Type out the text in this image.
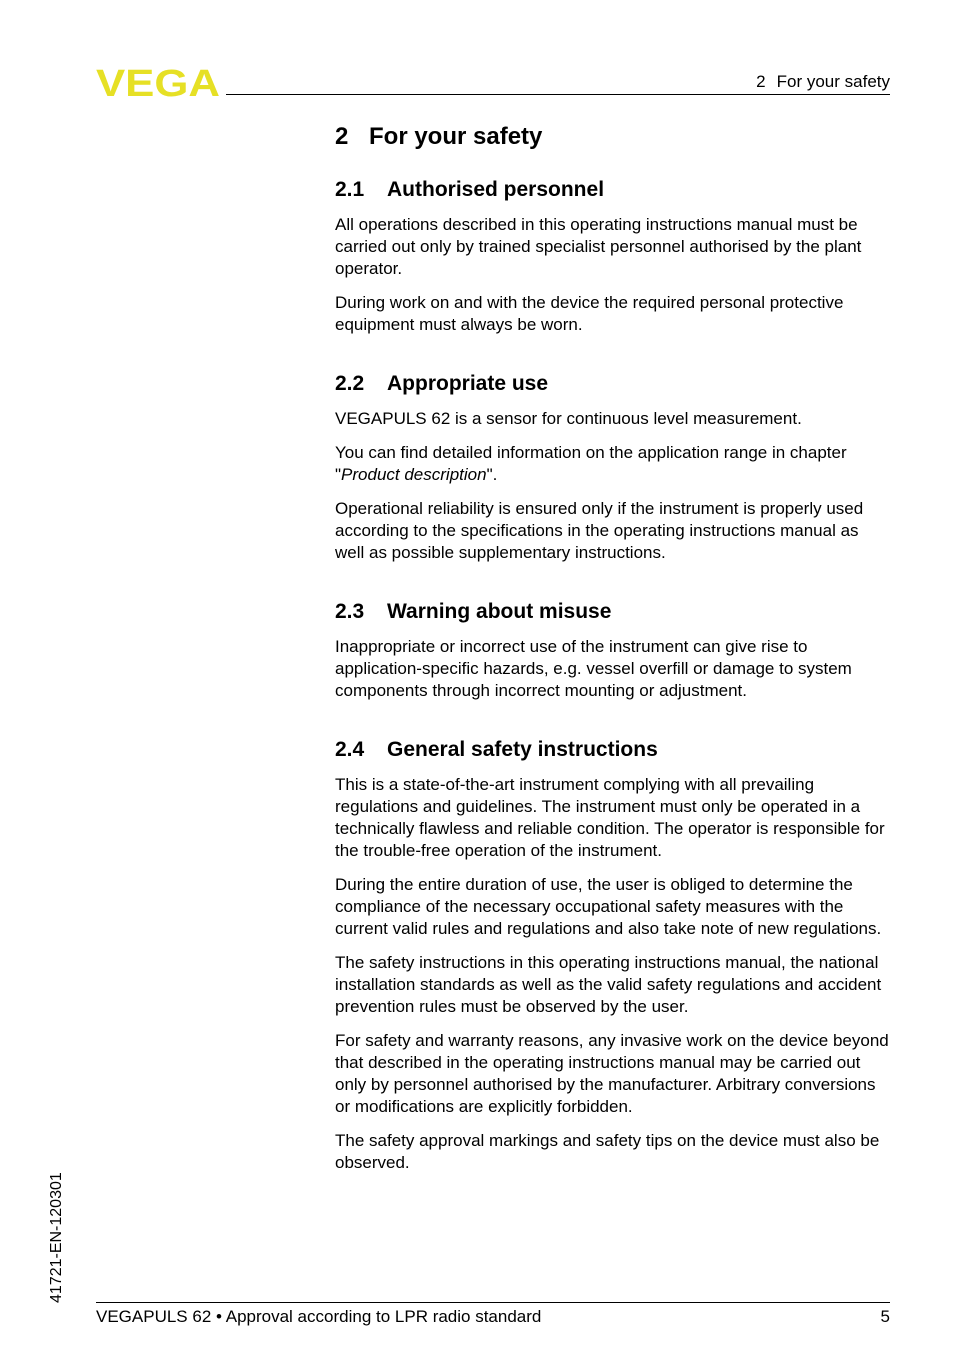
VEGA	2 For your safety
2 For your safety
2.1 Authorised personnel

All operations described in this operating instructions manual must be carried out only by trained specialist personnel authorised by the plant operator.

During work on and with the device the required personal protective equipment must always be worn.

2.2 Appropriate use

VEGAPULS 62 is a sensor for continuous level measurement.

You can find detailed information on the application range in chapter "Product description".

Operational reliability is ensured only if the instrument is properly used according to the specifications in the operating instructions manual as well as possible supplementary instructions.

2.3 Warning about misuse

Inappropriate or incorrect use of the instrument can give rise to application-specific hazards, e.g. vessel overfill or damage to system components through incorrect mounting or adjustment.

2.4 General safety instructions

This is a state-of-the-art instrument complying with all prevailing regulations and guidelines. The instrument must only be operated in a technically flawless and reliable condition. The operator is responsible for the trouble-free operation of the instrument.

During the entire duration of use, the user is obliged to determine the compliance of the necessary occupational safety measures with the current valid rules and regulations and also take note of new regulations.

The safety instructions in this operating instructions manual, the national installation standards as well as the valid safety regulations and accident prevention rules must be observed by the user.

For safety and warranty reasons, any invasive work on the device beyond that described in the operating instructions manual may be carried out only by personnel authorised by the manufacturer. Arbitrary conversions or modifications are explicitly forbidden.

The safety approval markings and safety tips on the device must also be observed.

41721-EN-120301
VEGAPULS 62 • Approval according to LPR radio standard	5
